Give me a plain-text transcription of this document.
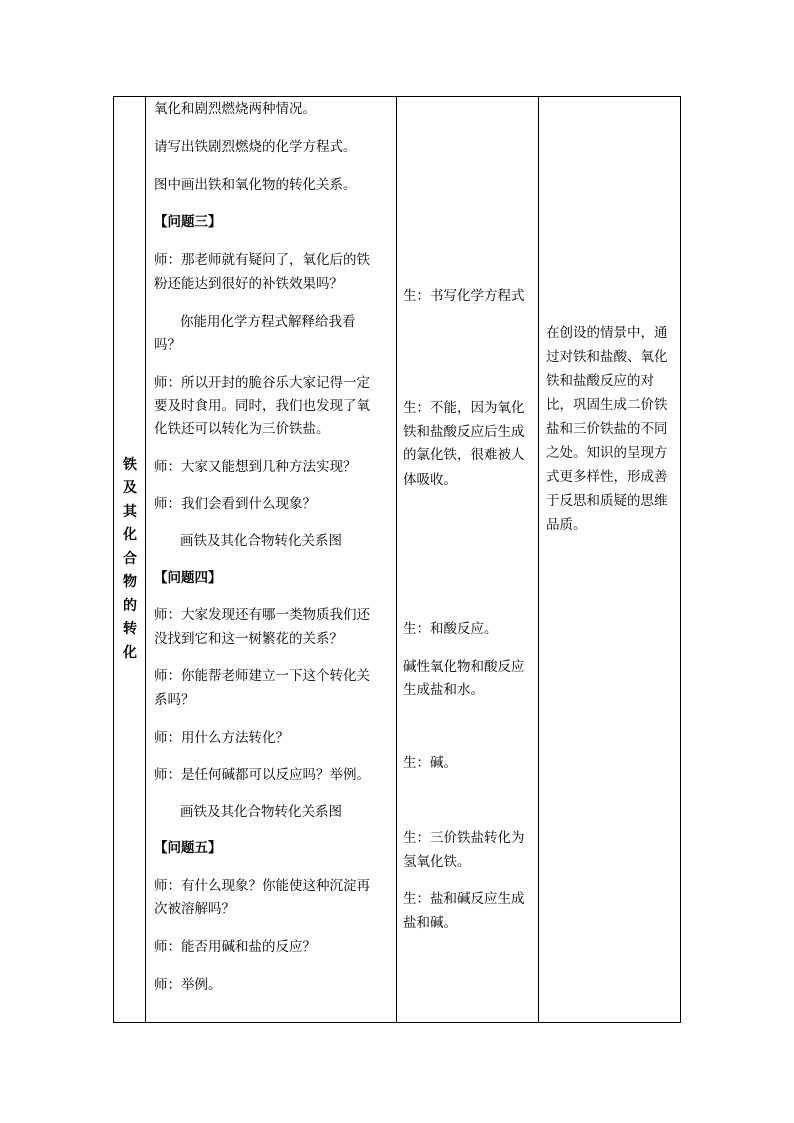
铁
及
其
化
合
物
的
转
化
氧化和剧烈燃烧两种情况。
请写出铁剧烈燃烧的化学方程式。
图中画出铁和氧化物的转化关系。
【问题三】
师：那老师就有疑问了，氧化后的铁
粉还能达到很好的补铁效果吗？
你能用化学方程式解释给我看
吗？
师：所以开封的脆谷乐大家记得一定
要及时食用。同时，我们也发现了氧
化铁还可以转化为三价铁盐。
师：大家又能想到几种方法实现？
师：我们会看到什么现象？
画铁及其化合物转化关系图
【问题四】
师：大家发现还有哪一类物质我们还
没找到它和这一树繁花的关系？
师：你能帮老师建立一下这个转化关
系吗？
师：用什么方法转化？
师：是任何碱都可以反应吗？举例。
画铁及其化合物转化关系图
【问题五】
师：有什么现象？你能使这种沉淀再
次被溶解吗？
师：能否用碱和盐的反应？
师：举例。
生：书写化学方程式
生：不能，因为氧化
铁和盐酸反应后生成
的氯化铁，很难被人
体吸收。
生：和酸反应。
碱性氧化物和酸反应
生成盐和水。
生：碱。
生：三价铁盐转化为
氢氧化铁。
生：盐和碱反应生成
盐和碱。
在创设的情景中，通
过对铁和盐酸、氧化
铁和盐酸反应的对
比，巩固生成二价铁
盐和三价铁盐的不同
之处。知识的呈现方
式更多样性，形成善
于反思和质疑的思维
品质。
